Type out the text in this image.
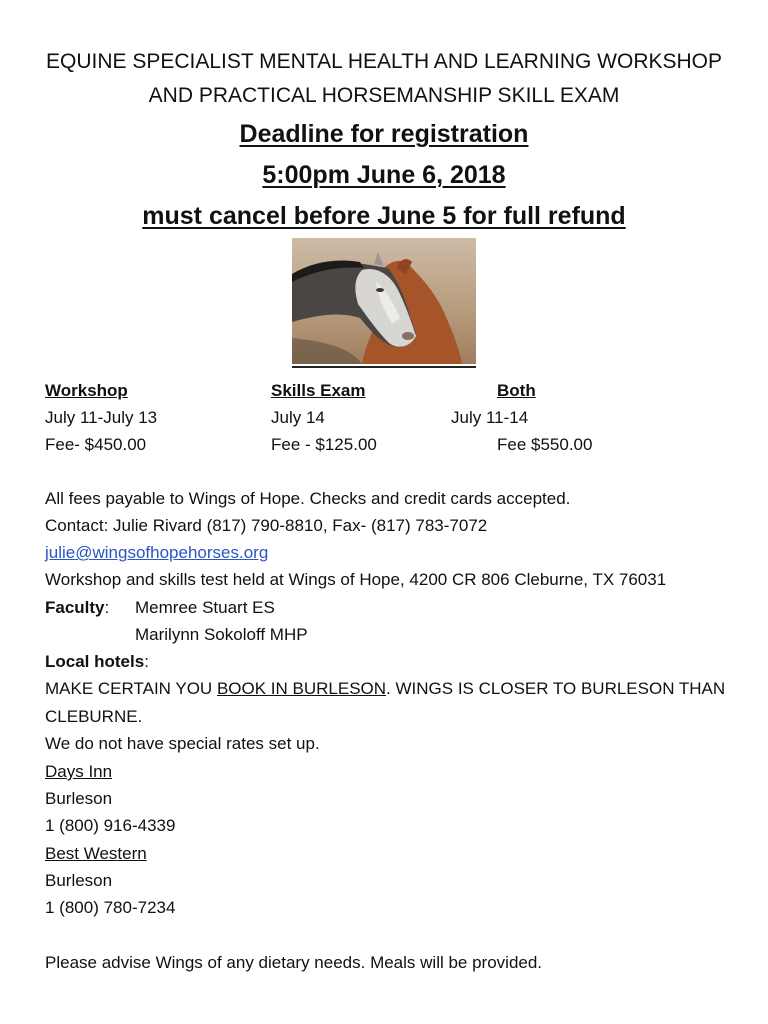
EQUINE SPECIALIST MENTAL HEALTH AND LEARNING WORKSHOP
AND PRACTICAL HORSEMANSHIP SKILL EXAM
Deadline for registration
5:00pm June 6, 2018
must cancel before June 5 for full refund
Workshop	Skills Exam	Both
July 11-July 13	July 14	July 11-14
Fee- $450.00	Fee - $125.00	Fee $550.00
All fees payable to Wings of Hope. Checks and credit cards accepted.
Contact: Julie Rivard (817) 790-8810, Fax- (817) 783-7072
julie@wingsofhopehorses.org
Workshop and skills test held at Wings of Hope, 4200 CR 806 Cleburne, TX 76031
Faculty: Memree Stuart ES
Marilynn Sokoloff MHP
Local hotels:
MAKE CERTAIN YOU BOOK IN BURLESON. WINGS IS CLOSER TO BURLESON THAN
CLEBURNE.
We do not have special rates set up.
Days Inn
Burleson
1 (800) 916-4339
Best Western
Burleson
1 (800) 780-7234
Please advise Wings of any dietary needs. Meals will be provided.
